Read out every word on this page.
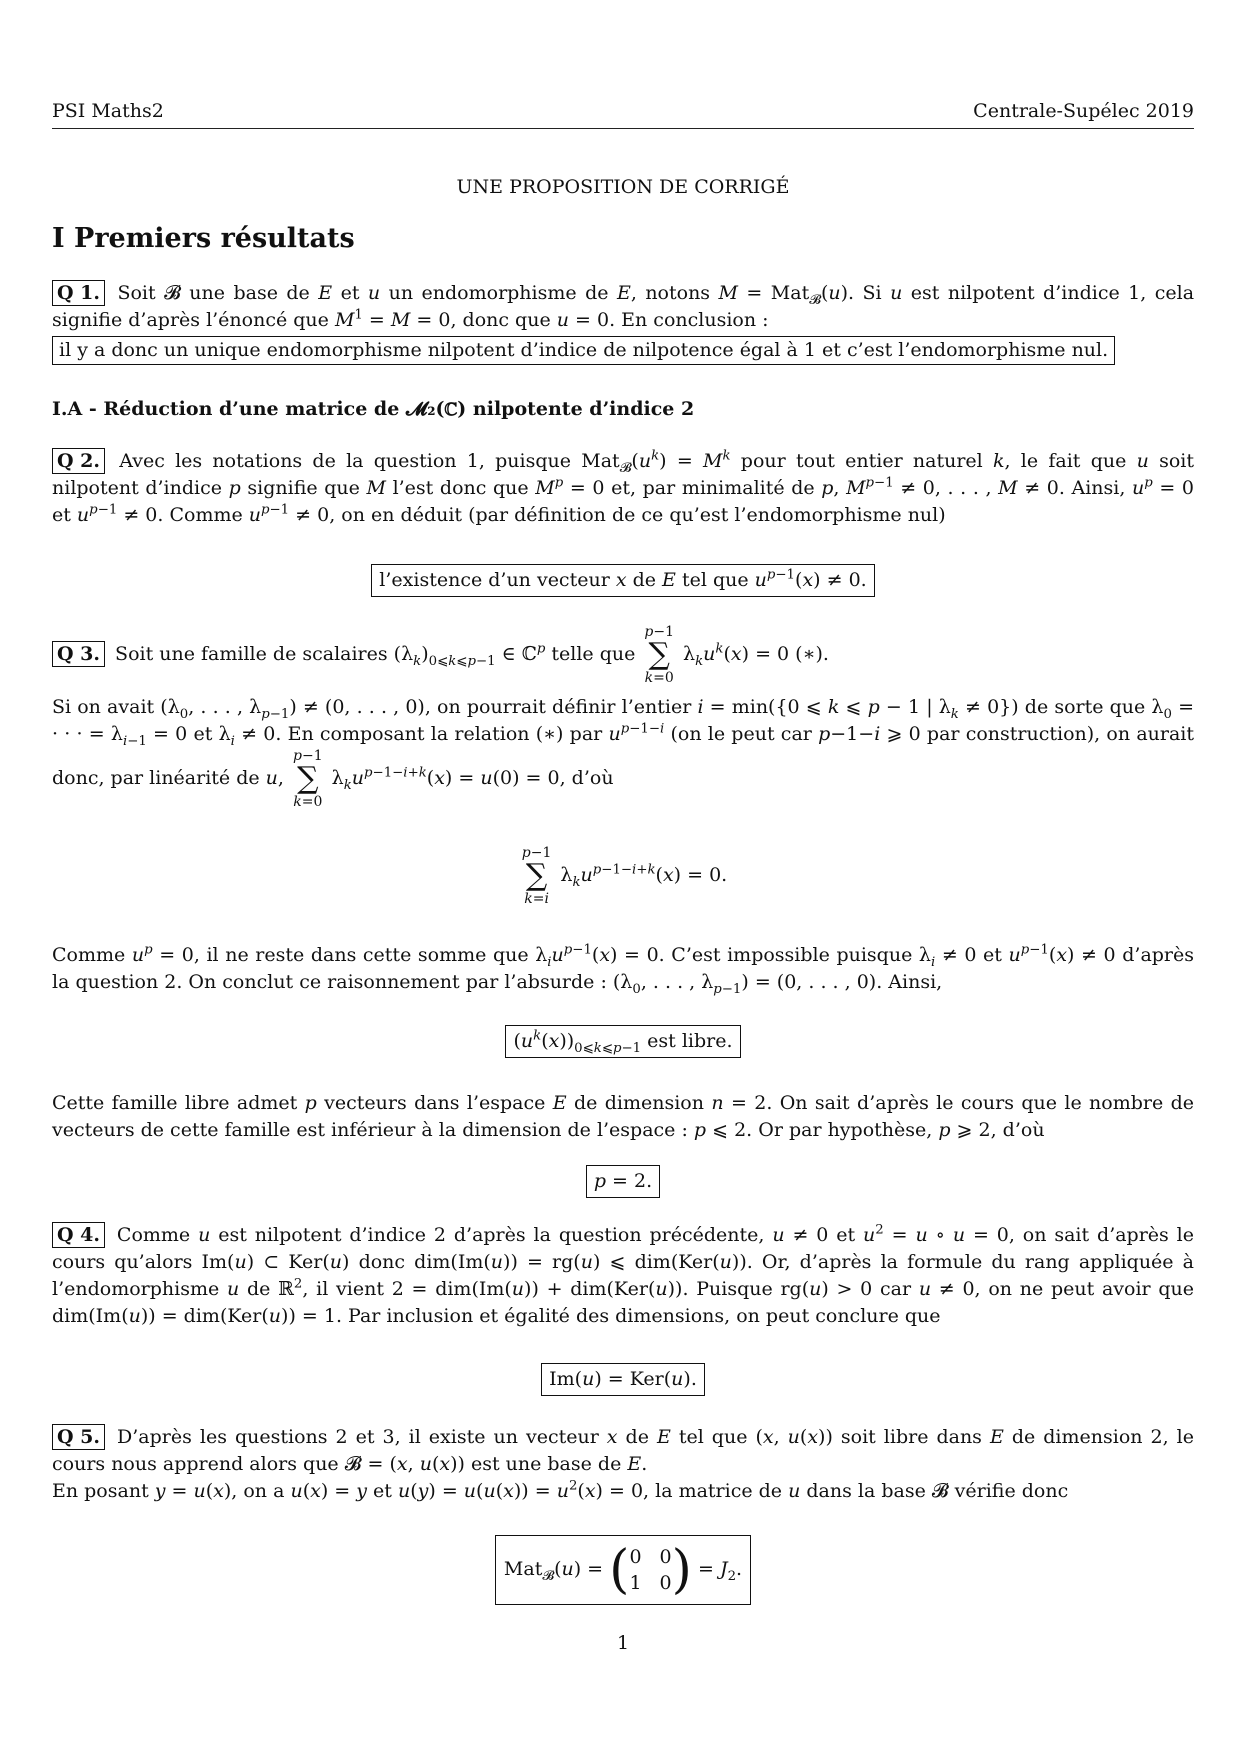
PSI Maths2	Centrale-Supélec 2019
UNE PROPOSITION DE CORRIGÉ
I Premiers résultats
Q 1. Soit 𝓑 une base de E et u un endomorphisme de E, notons M = Mat$_𝓑$(u). Si u est nilpotent d’indice 1, cela signifie d’après l’énoncé que $M^1 = M = 0$, donc que u = 0. En conclusion :
il y a donc un unique endomorphisme nilpotent d’indice de nilpotence égal à 1 et c’est l’endomorphisme nul.
I.A - Réduction d’une matrice de 𝓜₂(ℂ) nilpotente d’indice 2
Q 2. Avec les notations de la question 1, puisque $Mat_𝓑(u^k) = M^k$ pour tout entier naturel k, le fait que u soit nilpotent d’indice p signifie que M l’est donc que $M^p = 0$ et, par minimalité de p, $M^{p-1} \ne 0$, . . . , M ≠ 0. Ainsi, $u^p = 0$ et $u^{p-1} \ne 0$. Comme $u^{p-1} \ne 0$, on en déduit (par définition de ce qu’est l’endomorphisme nul)
l’existence d’un vecteur x de E tel que $u^{p-1}(x) \ne 0$.
Q 3. Soit une famille de scalaires $(\lambda_k)_{0⩽k⩽p-1}$ ∈ ℂ$^p$ telle que p−1
∑
k=0 $\lambda_ku^k(x) = 0$ (∗).
Si on avait ($\lambda_0$, . . . , $\lambda_{p-1}) \ne (0$, . . . , 0), on pourrait définir l’entier i = min({0 ⩽ k ⩽ p − 1 | $\lambda_k \ne 0$}) de sorte que $\lambda_0$ = · · · = $\lambda_{i-1} = 0$ et $\lambda_i \ne 0$. En composant la relation (∗) par $u^{p-1-i}$ (on le peut car p−1−i ⩾ 0 par construction), on aurait donc, par linéarité de u, p−1
∑
k=0 $\lambda_ku^{p-1-i+k}(x) = u(0) = 0$, d’où
p−1
∑
k=i $\lambda_ku^{p-1-i+k}(x) = 0$.
Comme $u^p = 0$, il ne reste dans cette somme que $\lambda_iu^{p-1}(x) = 0$. C’est impossible puisque $\lambda_i \ne 0$ et $u^{p-1}(x) \ne 0$ d’après la question 2. On conclut ce raisonnement par l’absurde : ($\lambda_0$, . . . , $\lambda_{p-1}) = (0$, . . . , 0). Ainsi,
$(u^k(x))_{0⩽k⩽p-1}$ est libre.
Cette famille libre admet p vecteurs dans l’espace E de dimension n = 2. On sait d’après le cours que le nombre de vecteurs de cette famille est inférieur à la dimension de l’espace : p ⩽ 2. Or par hypothèse, p ⩾ 2, d’où
p = 2.
Q 4. Comme u est nilpotent d’indice 2 d’après la question précédente, u ≠ 0 et $u^2 = u$ ∘ u = 0, on sait d’après le cours qu’alors Im(u) ⊂ Ker(u) donc dim(Im(u)) = rg(u) ⩽ dim(Ker(u)). Or, d’après la formule du rang appliquée à l’endomorphisme u de ℝ$^2$, il vient 2 = dim(Im(u)) + dim(Ker(u)). Puisque rg(u) > 0 car u ≠ 0, on ne peut avoir que dim(Im(u)) = dim(Ker(u)) = 1. Par inclusion et égalité des dimensions, on peut conclure que
Im(u) = Ker(u).
Q 5. D’après les questions 2 et 3, il existe un vecteur x de E tel que (x, u(x)) soit libre dans E de dimension 2, le cours nous apprend alors que 𝓑 = (x, u(x)) est une base de E.
En posant y = u(x), on a u(x) = y et $u(y) = u(u(x)) = u^2(x) = 0$, la matrice de u dans la base 𝓑 vérifie donc
Mat$_𝓑$(u) = ( 0 0
1 0 ) = $J_2$.
1
